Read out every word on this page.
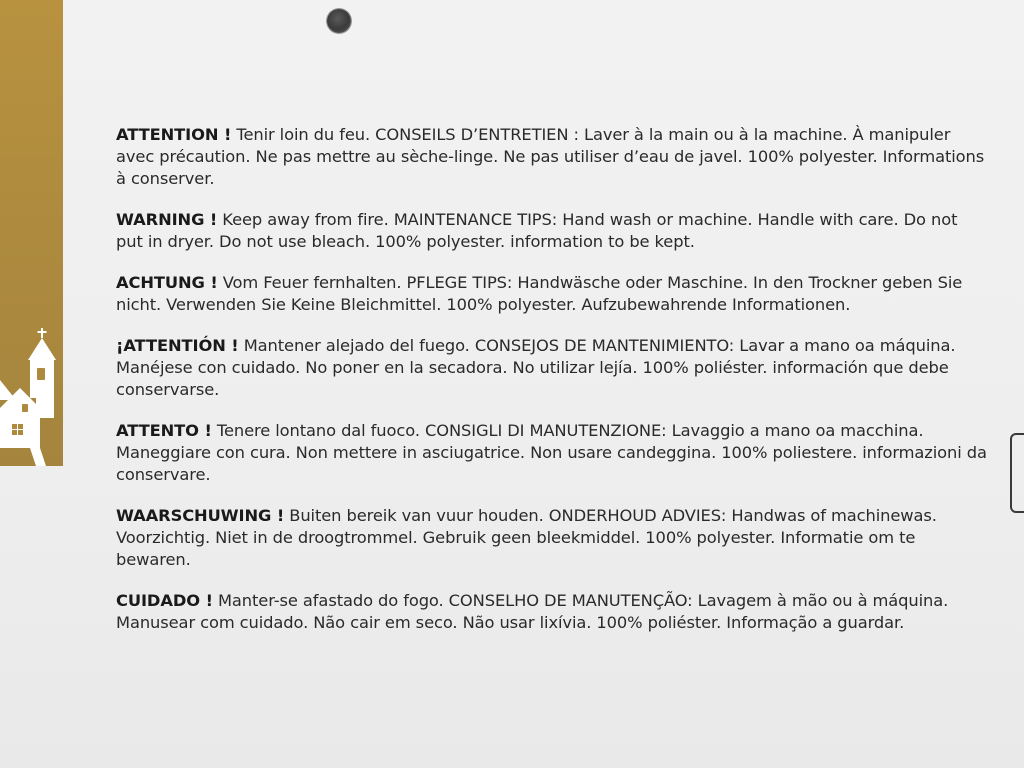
ATTENTION ! Tenir loin du feu. CONSEILS D’ENTRETIEN : Laver à la main ou à la machine. À manipuler avec précaution. Ne pas mettre au sèche-linge. Ne pas utiliser d’eau de javel. 100% polyester. Informations à conserver.

WARNING ! Keep away from fire. MAINTENANCE TIPS: Hand wash or machine. Handle with care. Do not put in dryer. Do not use bleach. 100% polyester. information to be kept.

ACHTUNG ! Vom Feuer fernhalten. PFLEGE TIPS: Handwäsche oder Maschine. In den Trockner geben Sie nicht. Verwenden Sie Keine Bleichmittel. 100% polyester. Aufzubewahrende Informationen.

¡ATTENTIÓN ! Mantener alejado del fuego. CONSEJOS DE MANTENIMIENTO: Lavar a mano oa máquina. Manéjese con cuidado. No poner en la secadora. No utilizar lejía. 100% poliéster. información que debe conservarse.

ATTENTO ! Tenere lontano dal fuoco. CONSIGLI DI MANUTENZIONE: Lavaggio a mano oa macchina. Maneggiare con cura. Non mettere in asciugatrice. Non usare candeggina. 100% poliestere. informazioni da conservare.

WAARSCHUWING ! Buiten bereik van vuur houden. ONDERHOUD ADVIES: Handwas of machinewas. Voorzichtig. Niet in de droogtrommel. Gebruik geen bleekmiddel. 100% polyester. Informatie om te bewaren.

CUIDADO ! Manter-se afastado do fogo. CONSELHO DE MANUTENÇÃO: Lavagem à mão ou à máquina. Manusear com cuidado. Não cair em seco. Não usar lixívia. 100% poliéster. Informação a guardar.
